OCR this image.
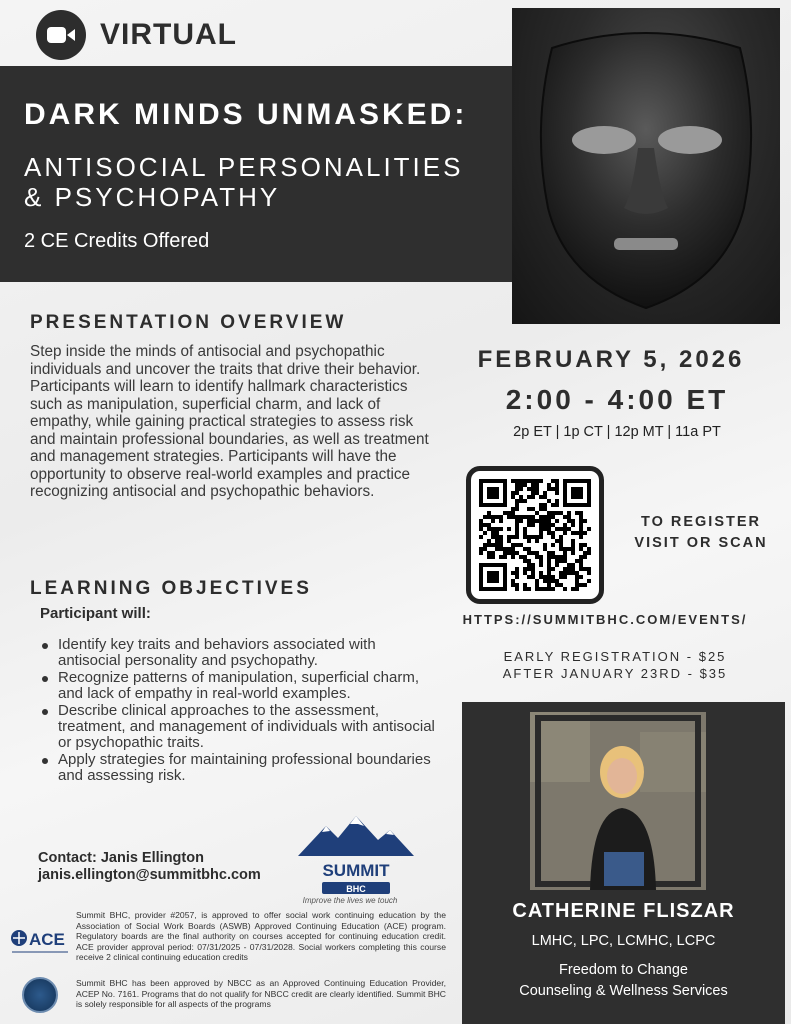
VIRTUAL
DARK MINDS UNMASKED:
ANTISOCIAL PERSONALITIES
& PSYCHOPATHY
2 CE Credits Offered
PRESENTATION OVERVIEW
Step inside the minds of antisocial and psychopathic individuals and uncover the traits that drive their behavior. Participants will learn to identify hallmark characteristics such as manipulation, superficial charm, and lack of empathy, while gaining practical strategies to assess risk and maintain professional boundaries, as well as treatment and management strategies. Participants will have the opportunity to observe real-world examples and practice recognizing antisocial and psychopathic behaviors.
LEARNING OBJECTIVES
Participant will:
Identify key traits and behaviors associated with antisocial personality and psychopathy.
Recognize patterns of manipulation, superficial charm, and lack of empathy in real-world examples.
Describe clinical approaches to the assessment, treatment, and management of individuals with antisocial or psychopathic traits.
Apply strategies for maintaining professional boundaries and assessing risk.
FEBRUARY 5, 2026
2:00 - 4:00 ET
2p ET | 1p CT | 12p MT | 11a PT
TO REGISTER
VISIT OR SCAN
HTTPS://SUMMITBHC.COM/EVENTS/
EARLY REGISTRATION - $25
AFTER JANUARY 23RD - $35
CATHERINE FLISZAR
LMHC, LPC, LCMHC, LCPC
Freedom to Change
Counseling & Wellness Services
Contact: Janis Ellington
janis.ellington@summitbhc.com	SUMMIT
BHC
Improve the lives we touch
ACE
Summit BHC, provider #2057, is approved to offer social work continuing education by the Association of Social Work Boards (ASWB) Approved Continuing Education (ACE) program. Regulatory boards are the final authority on courses accepted for continuing education credit. ACE provider approval period: 07/31/2025 - 07/31/2028. Social workers completing this course receive 2 clinical continuing education credits
Summit BHC has been approved by NBCC as an Approved Continuing Education Provider, ACEP No. 7161. Programs that do not qualify for NBCC credit are clearly identified. Summit BHC is solely responsible for all aspects of the programs
